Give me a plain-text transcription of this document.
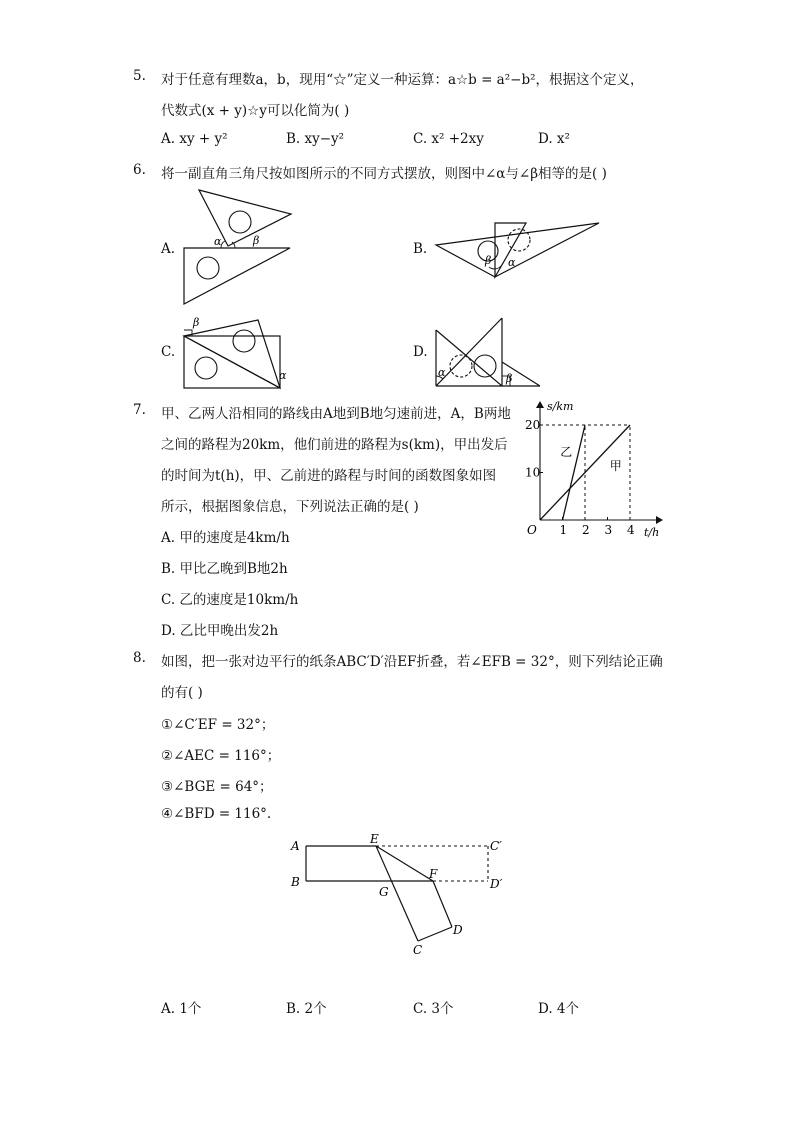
5. 对于任意有理数a，b，现用“☆”定义一种运算：a☆b = a²−b²，根据这个定义，
代数式(x + y)☆y可以化简为( )
A. xy + y²	B. xy−y²	C. x² +2xy	D. x²
6. 将一副直角三角尺按如图所示的不同方式摆放，则图中∠α与∠β相等的是( )
A.	α	β
B.
β α
C.
β
α
D.
α	β
7. 甲、乙两人沿相同的路线由A地到B地匀速前进，A，B两地
之间的路程为20km，他们前进的路程为s(km)，甲出发后
的时间为t(h)，甲、乙前进的路程与时间的函数图象如图
所示，根据图象信息，下列说法正确的是( )
A. 甲的速度是4km/h
B. 甲比乙晚到B地2h
C. 乙的速度是10km/h
D. 乙比甲晚出发2h
1 2 3 4
10
20
甲
乙
O	t/h
s/km
8. 如图，把一张对边平行的纸条ABC′D′沿EF折叠，若∠EFB = 32°，则下列结论正确
的有( )
①∠C′EF = 32°；
②∠AEC = 116°；
③∠BGE = 64°；
④∠BFD = 116°.
A
B
E	C′
F
D′
G
C
D
A. 1个	B. 2个	C. 3个	D. 4个
